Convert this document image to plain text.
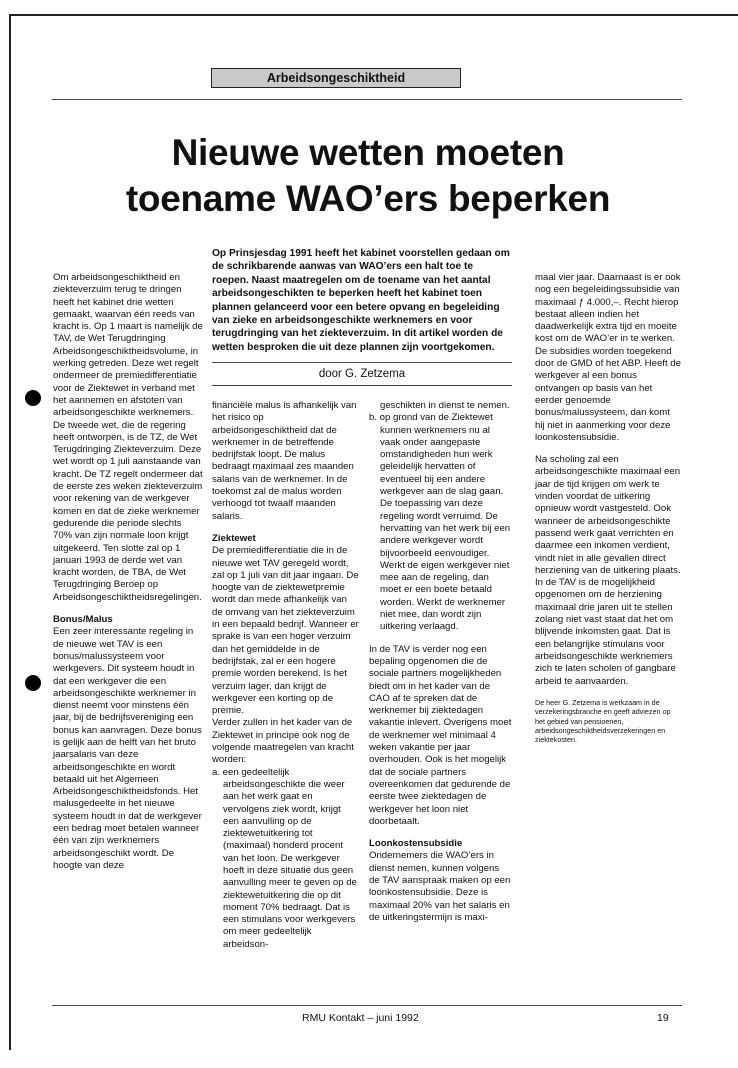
Arbeidsongeschiktheid
Nieuwe wetten moeten
toename WAO’ers beperken

Op Prinsjesdag 1991 heeft het kabinet voorstellen gedaan om de schrikbarende aanwas van WAO’ers een halt toe te roepen. Naast maatregelen om de toename van het aantal arbeidsongeschikten te beperken heeft het kabinet toen plannen gelanceerd voor een betere opvang en begeleiding van zieke en arbeidsongeschikte werknemers en voor terugdringing van het ziekteverzuim. In dit artikel worden de wetten besproken die uit deze plannen zijn voortgekomen.

door G. Zetzema

Om arbeidsongeschiktheid en ziekteverzuim terug te dringen heeft het kabinet drie wetten gemaakt, waarvan één reeds van kracht is. Op 1 maart is namelijk de TAV, de Wet Terugdringing Arbeidsongeschiktheidsvolume, in werking getreden. Deze wet regelt ondermeer de premiedifferentiatie voor de Ziektewet in verband met het aannemen en afstoten van arbeidsongeschikte werknemers.

De tweede wet, die de regering heeft ontworpen, is de TZ, de Wet Terugdringing Ziekteverzuim. Deze wet wordt op 1 juli aanstaande van kracht. De TZ regelt ondermeer dat de eerste zes weken ziekteverzuim voor rekening van de werkgever komen en dat de zieke werknemer gedurende die periode slechts 70% van zijn normale loon krijgt uitgekeerd. Ten slotte zal op 1 januari 1993 de derde wet van kracht worden, de TBA, de Wet Terugdringing Beroep op Arbeidsongeschiktheidsregelingen.

Bonus/Malus

Een zeer interessante regeling in de nieuwe wet TAV is een bonus/malussysteem voor werkgevers. Dit systeem houdt in dat een werkgever die een arbeidsongeschikte werknemer in dienst neemt voor minstens één jaar, bij de bedrijfsvereniging een bonus kan aanvragen. Deze bonus is gelijk aan de helft van het bruto jaarsalaris van deze arbeidsongeschikte en wordt betaald uit het Algemeen Arbeidsongeschiktheidsfonds. Het malusgedeelte in het nieuwe systeem houdt in dat de werkgever een bedrag moet betalen wanneer één van zijn werknemers arbeidsongeschikt wordt. De hoogte van deze

financiële malus is afhankelijk van het risico op arbeidsongeschiktheid dat de werknemer in de betreffende bedrijfstak loopt. De malus bedraagt maximaal zes maanden salaris van de werknemer. In de toekomst zal de malus worden verhoogd tot twaalf maanden salaris.

Ziektewet

De premiedifferentiatie die in de nieuwe wet TAV geregeld wordt, zal op 1 juli van dit jaar ingaan. De hoogte van de ziektewetpremie wordt dan mede afhankelijk van de omvang van het ziekteverzuim in een bepaald bedrijf. Wanneer er sprake is van een hoger verzuim dan het gemiddelde in de bedrijfstak, zal er een hogere premie worden berekend. Is het verzuim lager, dan krijgt de werkgever een korting op de premie.

Verder zullen in het kader van de Ziektewet in principe ook nog de volgende maatregelen van kracht worden:

a. een gedeeltelijk arbeidsongeschikte die weer aan het werk gaat en vervolgens ziek wordt, krijgt een aanvulling op de ziektewetuitkering tot (maximaal) honderd procent van het loon. De werkgever hoeft in deze situatie dus geen aanvulling meer te geven op de ziektewetuitkering die op dit moment 70% bedraagt. Dat is een stimulans voor werkgevers om meer gedeeltelijk arbeidson-

geschikten in dienst te nemen.

b. op grond van de Ziektewet kunnen werknemers nu al vaak onder aangepaste omstandigheden hun werk geleidelijk hervatten of eventueel bij een andere werkgever aan de slag gaan. De toepassing van deze regeling wordt verruimd. De hervatting van het werk bij een andere werkgever wordt bijvoorbeeld eenvoudiger. Werkt de eigen werkgever niet mee aan de regeling, dan moet er een boete betaald worden. Werkt de werknemer niet mee, dan wordt zijn uitkering verlaagd.

In de TAV is verder nog een bepaling opgenomen die de sociale partners mogelijkheden biedt om in het kader van de CAO af te spreken dat de werknemer bij ziektedagen vakantie inlevert. Overigens moet de werknemer wel minimaal 4 weken vakantie per jaar overhouden. Ook is het mogelijk dat de sociale partners overeenkomen dat gedurende de eerste twee ziektedagen de werkgever het loon niet doorbetaalt.

Loonkostensubsidie

Ondernemers die WAO’ers in dienst nemen, kunnen volgens de TAV aanspraak maken op een loonkostensubsidie. Deze is maximaal 20% van het salaris en de uitkeringstermijn is maxi-

maal vier jaar. Daarnaast is er ook nog een begeleidingssubsidie van maximaal ƒ 4.000,–. Recht hierop bestaat alleen indien het daadwerkelijk extra tijd en moeite kost om de WAO’er in te werken. De subsidies worden toegekend door de GMD of het ABP. Heeft de werkgever al een bonus ontvangen op basis van het eerder genoemde bonus/malussysteem, dan komt hij niet in aanmerking voor deze loonkostensubsidie.

Na scholing zal een arbeidsongeschikte maximaal een jaar de tijd krijgen om werk te vinden voordat de uitkering opnieuw wordt vastgesteld. Ook wanneer de arbeidsongeschikte passend werk gaat verrichten en daarmee een inkomen verdient, vindt niet in alle gevallen direct herziening van de uitkering plaats. In de TAV is de mogelijkheid opgenomen om de herziening maximaal drie jaren uit te stellen zolang niet vast staat dat het om blijvende inkomsten gaat. Dat is een belangrijke stimulans voor arbeidsongeschikte werknemers zich te laten scholen of gangbare arbeid te aanvaarden.

De heer G. Zetzema is werkzaam in de verzekeringsbranche en geeft adviezen op het gebied van pensioenen, arbeidsongeschiktheidsverzekeringen en ziektekosten.

RMU Kontakt – juni 1992	19
